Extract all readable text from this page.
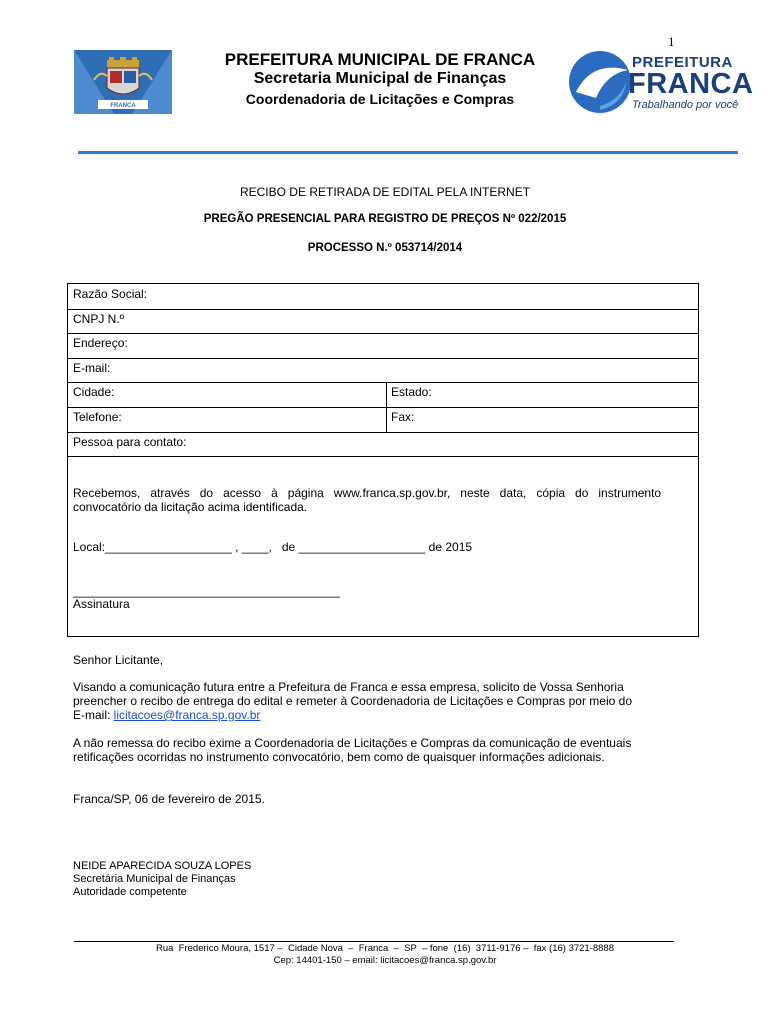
1
FRANCA
PREFEITURA MUNICIPAL DE FRANCA
Secretaria Municipal de Finanças
Coordenadoria de Licitações e Compras
PREFEITURA
FRANCA
Trabalhando por você
RECIBO DE RETIRADA DE EDITAL PELA INTERNET
PREGÃO PRESENCIAL PARA REGISTRO DE PREÇOS Nº 022/2015
PROCESSO N.º 053714/2014
Razão Social:
CNPJ N.º
Endereço:
E-mail:
Cidade:	Estado:
Telefone:	Fax:
Pessoa para contato:
Recebemos,   através   do   acesso   à   página   www.franca.sp.gov.br,   neste   data,   cópia   do   instrumento
convocatório da licitação acima identificada.
Local:___________________ , ____,   de ___________________ de 2015
________________________________________
Assinatura
Senhor Licitante,
Visando a comunicação futura entre a Prefeitura de Franca e essa empresa, solicito de Vossa Senhoria
preencher o recibo de entrega do edital e remeter à Coordenadoria de Licitações e Compras por meio do
E-mail: licitacoes@franca.sp.gov.br
A não remessa do recibo exime a Coordenadoria de Licitações e Compras da comunicação de eventuais
retificações ocorridas no instrumento convocatório, bem como de quaisquer informações adicionais.
Franca/SP, 06 de fevereiro de 2015.
NEIDE APARECIDA SOUZA LOPES
Secretária Municipal de Finanças
Autoridade competente
Rua  Frederico Moura, 1517 –  Cidade Nova  –  Franca  –  SP  – fone  (16)  3711-9176 –  fax (16) 3721-8888
Cep: 14401-150 – email: licitacoes@franca.sp.gov.br
